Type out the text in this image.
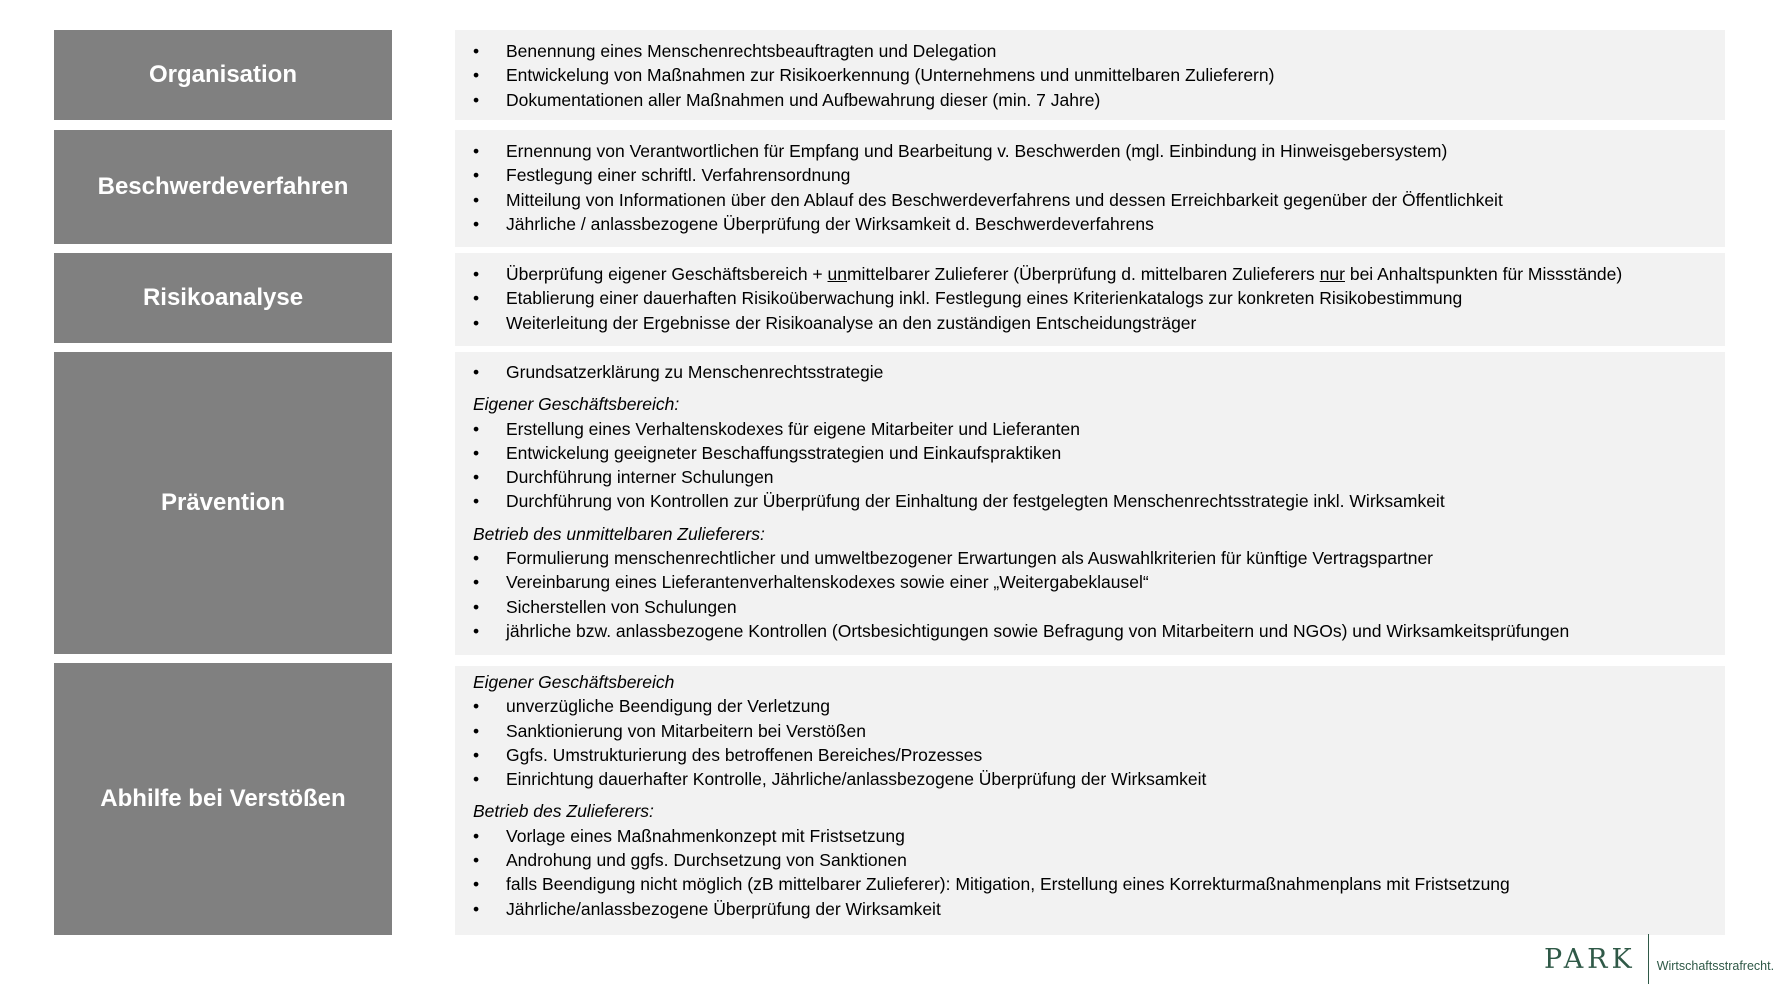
Organisation
• Benennung eines Menschenrechtsbeauftragten und Delegation
• Entwickelung von Maßnahmen zur Risikoerkennung (Unternehmens und unmittelbaren Zulieferern)
• Dokumentationen aller Maßnahmen und Aufbewahrung dieser (min. 7 Jahre)
Beschwerdeverfahren
• Ernennung von Verantwortlichen für Empfang und Bearbeitung v. Beschwerden (mgl. Einbindung in Hinweisgebersystem)
• Festlegung einer schriftl. Verfahrensordnung
• Mitteilung von Informationen über den Ablauf des Beschwerdeverfahrens und dessen Erreichbarkeit gegenüber der Öffentlichkeit
• Jährliche / anlassbezogene Überprüfung der Wirksamkeit d. Beschwerdeverfahrens
Risikoanalyse
• Überprüfung eigener Geschäftsbereich + unmittelbarer Zulieferer (Überprüfung d. mittelbaren Zulieferers nur bei Anhaltspunkten für Missstände)
• Etablierung einer dauerhaften Risikoüberwachung inkl. Festlegung eines Kriterienkatalogs zur konkreten Risikobestimmung
• Weiterleitung der Ergebnisse der Risikoanalyse an den zuständigen Entscheidungsträger
Prävention
• Grundsatzerklärung zu Menschenrechtsstrategie
Eigener Geschäftsbereich:
• Erstellung eines Verhaltenskodexes für eigene Mitarbeiter und Lieferanten
• Entwickelung geeigneter Beschaffungsstrategien und Einkaufspraktiken
• Durchführung interner Schulungen
• Durchführung von Kontrollen zur Überprüfung der Einhaltung der festgelegten Menschenrechtsstrategie inkl. Wirksamkeit
Betrieb des unmittelbaren Zulieferers:
• Formulierung menschenrechtlicher und umweltbezogener Erwartungen als Auswahlkriterien für künftige Vertragspartner
• Vereinbarung eines Lieferantenverhaltenskodexes sowie einer „Weitergabeklausel“
• Sicherstellen von Schulungen
• jährliche bzw. anlassbezogene Kontrollen (Ortsbesichtigungen sowie Befragung von Mitarbeitern und NGOs) und Wirksamkeitsprüfungen
Abhilfe bei Verstößen
Eigener Geschäftsbereich
• unverzügliche Beendigung der Verletzung
• Sanktionierung von Mitarbeitern bei Verstößen
• Ggfs. Umstrukturierung des betroffenen Bereiches/Prozesses
• Einrichtung dauerhafter Kontrolle, Jährliche/anlassbezogene Überprüfung der Wirksamkeit
Betrieb des Zulieferers:
• Vorlage eines Maßnahmenkonzept mit Fristsetzung
• Androhung und ggfs. Durchsetzung von Sanktionen
• falls Beendigung nicht möglich (zB mittelbarer Zulieferer): Mitigation, Erstellung eines Korrekturmaßnahmenplans mit Fristsetzung
• Jährliche/anlassbezogene Überprüfung der Wirksamkeit
PARK	Wirtschaftsstrafrecht.
